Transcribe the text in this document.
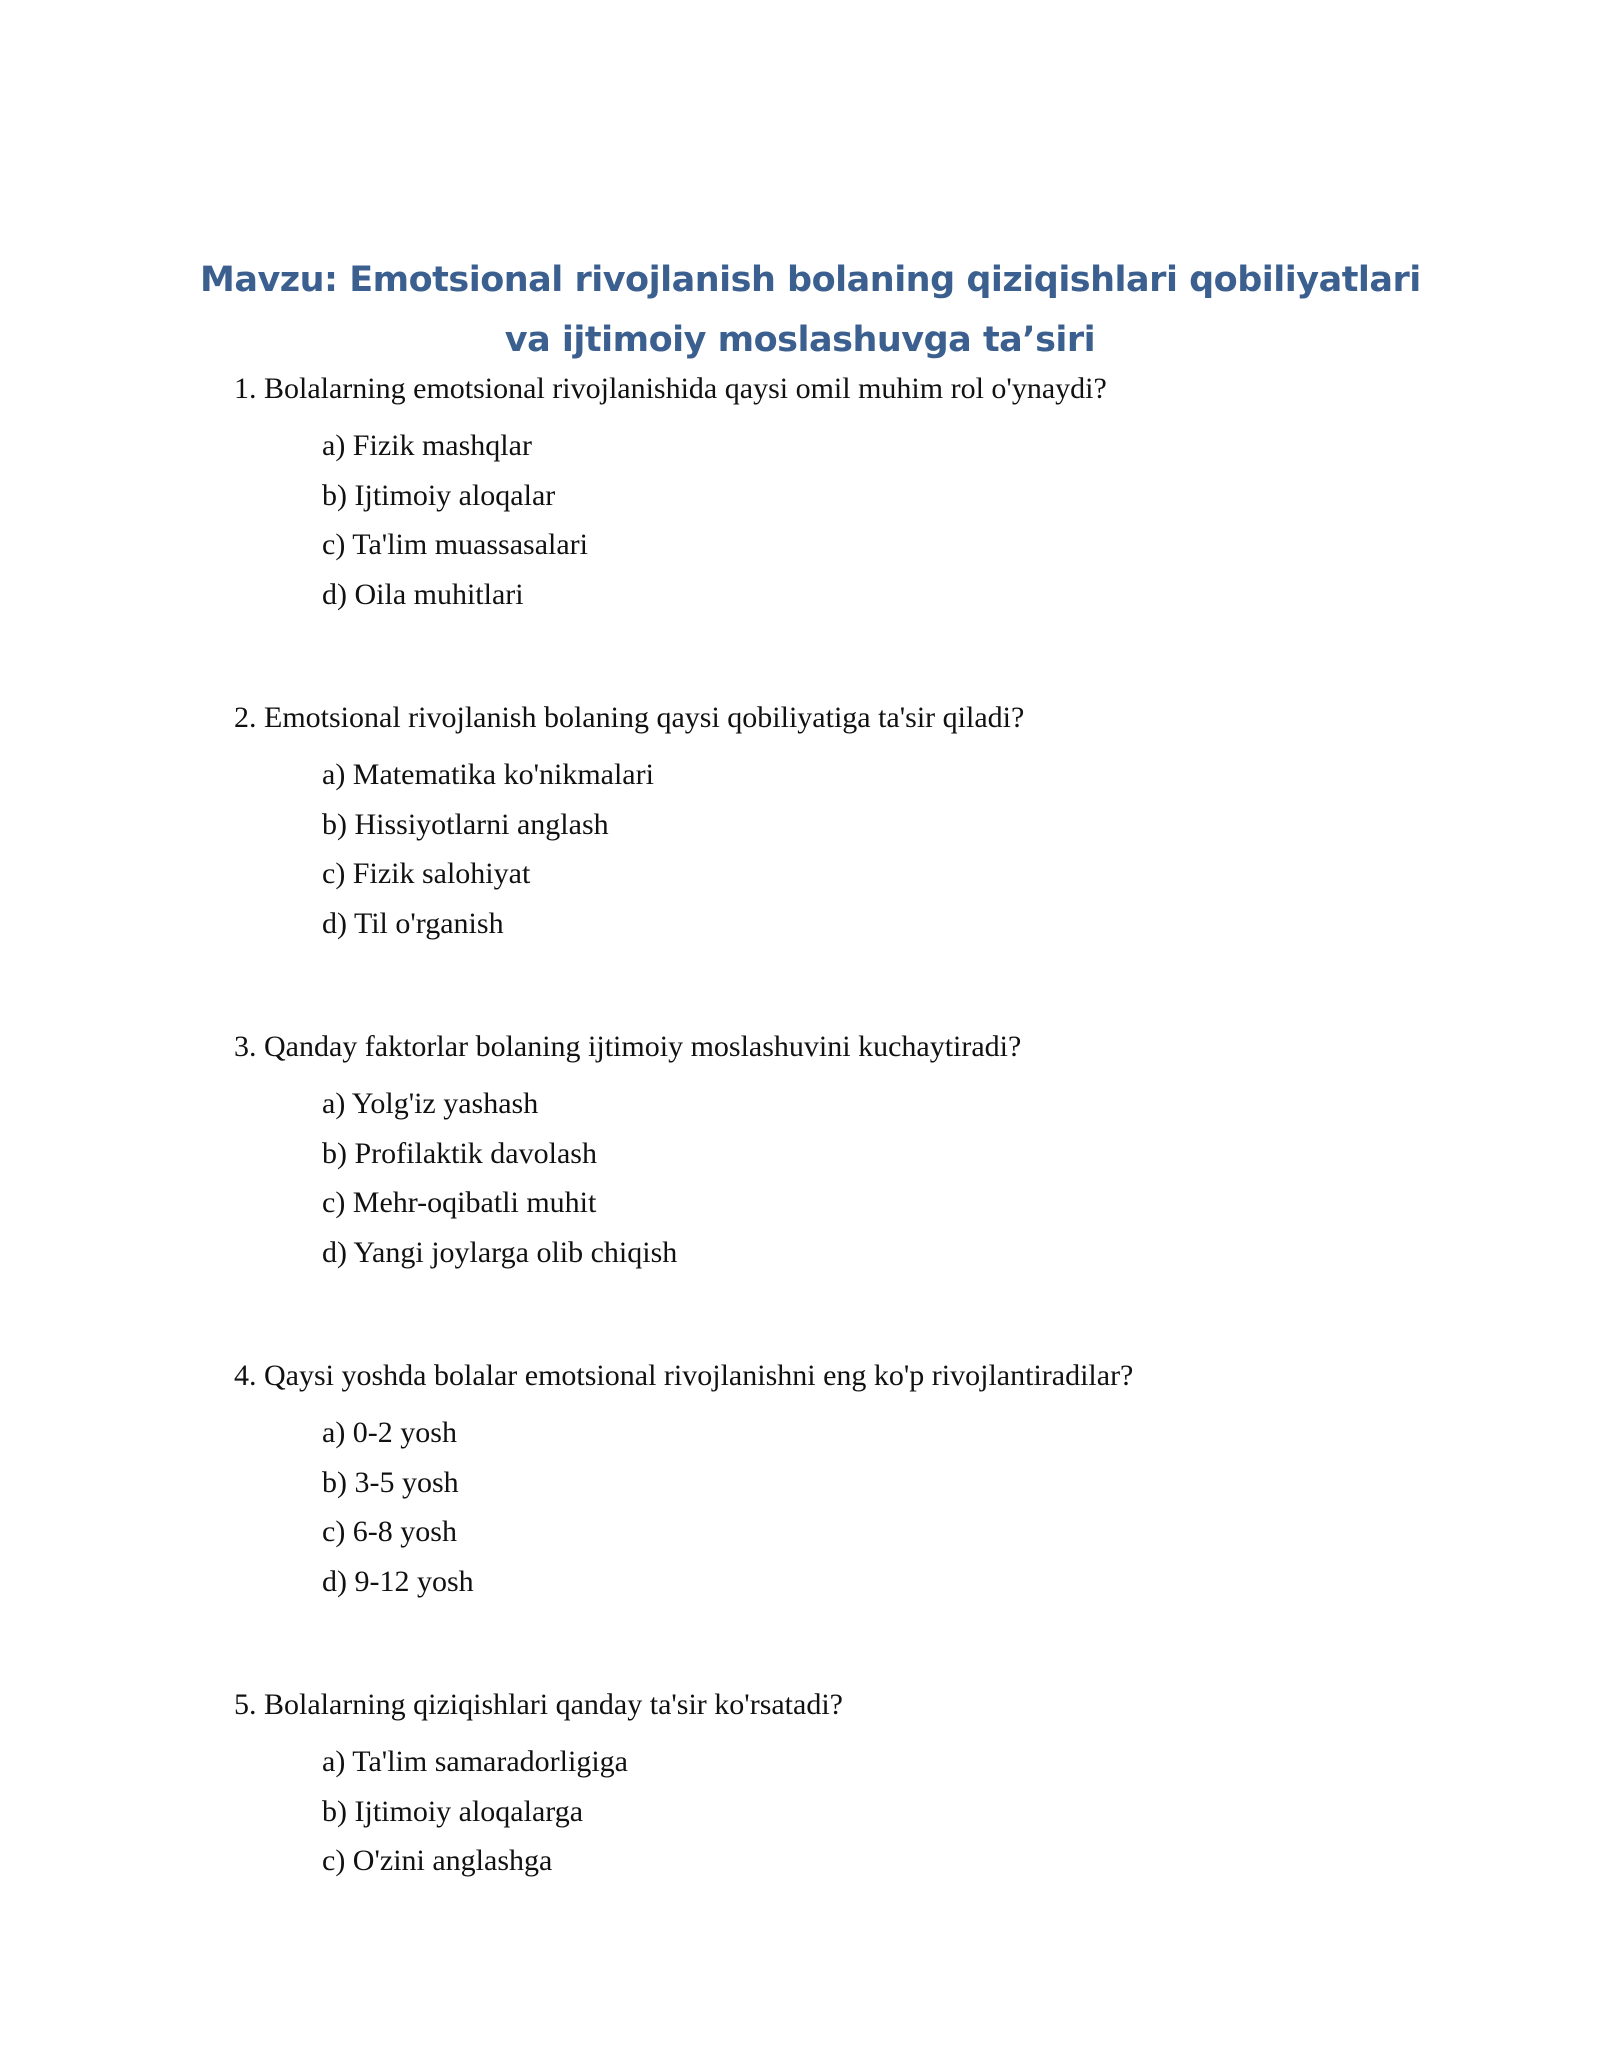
Mavzu: Emotsional rivojlanish bolaning qiziqishlari qobiliyatlari
va ijtimoiy moslashuvga ta’siri
1. Bolalarning emotsional rivojlanishida qaysi omil muhim rol o'ynaydi?
a) Fizik mashqlar
b) Ijtimoiy aloqalar
c) Ta'lim muassasalari
d) Oila muhitlari
2. Emotsional rivojlanish bolaning qaysi qobiliyatiga ta'sir qiladi?
a) Matematika ko'nikmalari
b) Hissiyotlarni anglash
c) Fizik salohiyat
d) Til o'rganish
3. Qanday faktorlar bolaning ijtimoiy moslashuvini kuchaytiradi?
a) Yolg'iz yashash
b) Profilaktik davolash
c) Mehr-oqibatli muhit
d) Yangi joylarga olib chiqish
4. Qaysi yoshda bolalar emotsional rivojlanishni eng ko'p rivojlantiradilar?
a) 0-2 yosh
b) 3-5 yosh
c) 6-8 yosh
d) 9-12 yosh
5. Bolalarning qiziqishlari qanday ta'sir ko'rsatadi?
a) Ta'lim samaradorligiga
b) Ijtimoiy aloqalarga
c) O'zini anglashga
